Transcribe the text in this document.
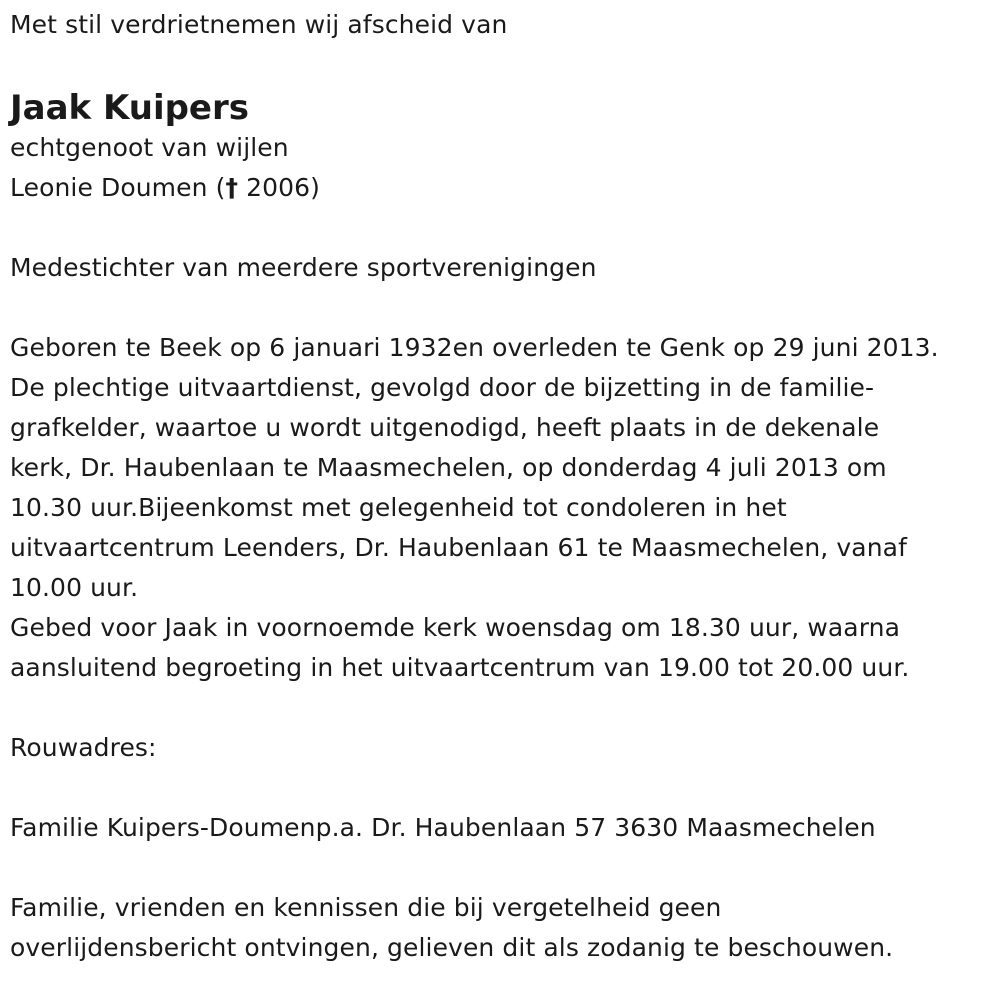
Met stil verdrietnemen wij afscheid van
Jaak Kuipers
echtgenoot van wijlen
Leonie Doumen († 2006)
Medestichter van meerdere sportverenigingen
Geboren te Beek op 6 januari 1932en overleden te Genk op 29 juni 2013.
De plechtige uitvaartdienst, gevolgd door de bijzetting in de familie-
grafkelder, waartoe u wordt uitgenodigd, heeft plaats in de dekenale
kerk, Dr. Haubenlaan te Maasmechelen, op donderdag 4 juli 2013 om
10.30 uur.Bijeenkomst met gelegenheid tot condoleren in het
uitvaartcentrum Leenders, Dr. Haubenlaan 61 te Maasmechelen, vanaf
10.00 uur.
Gebed voor Jaak in voornoemde kerk woensdag om 18.30 uur, waarna
aansluitend begroeting in het uitvaartcentrum van 19.00 tot 20.00 uur.
Rouwadres:
Familie Kuipers-Doumenp.a. Dr. Haubenlaan 57 3630 Maasmechelen
Familie, vrienden en kennissen die bij vergetelheid geen
overlijdensbericht ontvingen, gelieven dit als zodanig te beschouwen.
